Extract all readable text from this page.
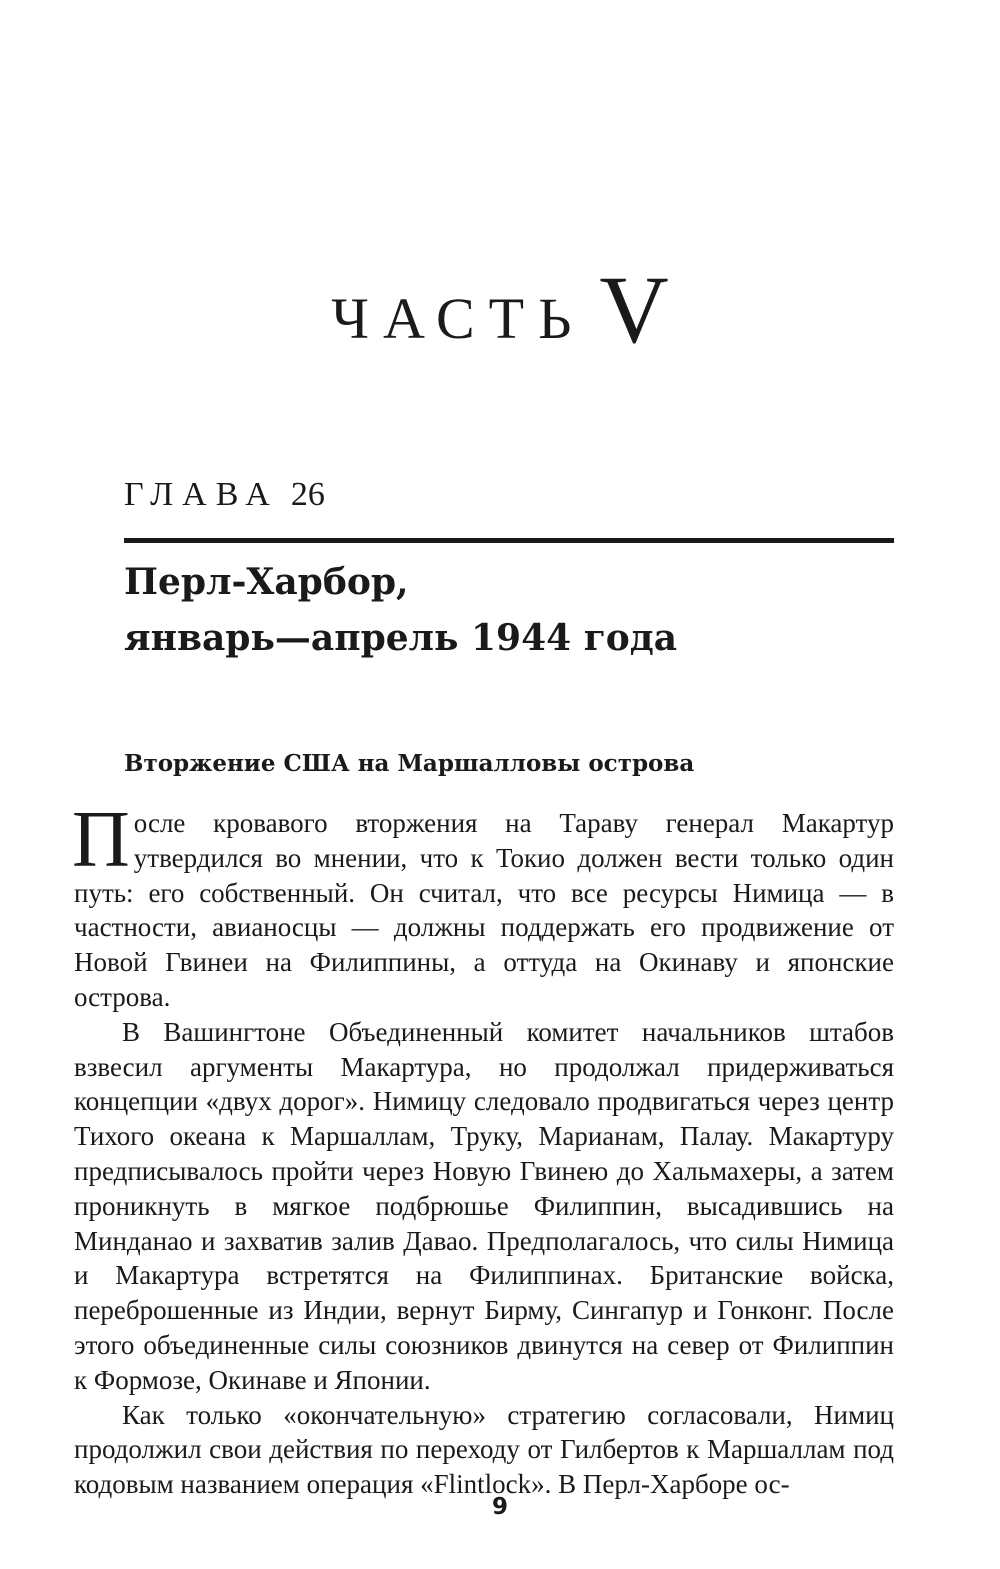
ЧАСТЬ V
ГЛАВА 26
Перл-Харбор,
январь—апрель 1944 года
Вторжение США на Маршалловы острова

После кровавого вторжения на Тараву генерал Макартур утвердился во мнении, что к Токио должен вести только один путь: его собственный. Он считал, что все ресурсы Нимица — в частности, авианосцы — должны поддержать его продвижение от Новой Гвинеи на Филиппины, а оттуда на Окинаву и японские острова.

В Вашингтоне Объединенный комитет начальников штабов взвесил аргументы Макартура, но продолжал придерживаться концепции «двух дорог». Нимицу следовало продвигаться через центр Тихого океана к Маршаллам, Труку, Марианам, Палау. Макартуру предписывалось пройти через Новую Гвинею до Хальмахеры, а затем проникнуть в мягкое подбрюшье Филиппин, высадившись на Минданао и захватив залив Давао. Предполагалось, что силы Нимица и Макартура встретятся на Филиппинах. Британские войска, переброшенные из Индии, вернут Бирму, Сингапур и Гонконг. После этого объединенные силы союзников двинутся на север от Филиппин к Формозе, Окинаве и Японии.

Как только «окончательную» стратегию согласовали, Нимиц продолжил свои действия по переходу от Гилбертов к Маршаллам под кодовым названием операция «Flintlock». В Перл-Харборе ос-

9
